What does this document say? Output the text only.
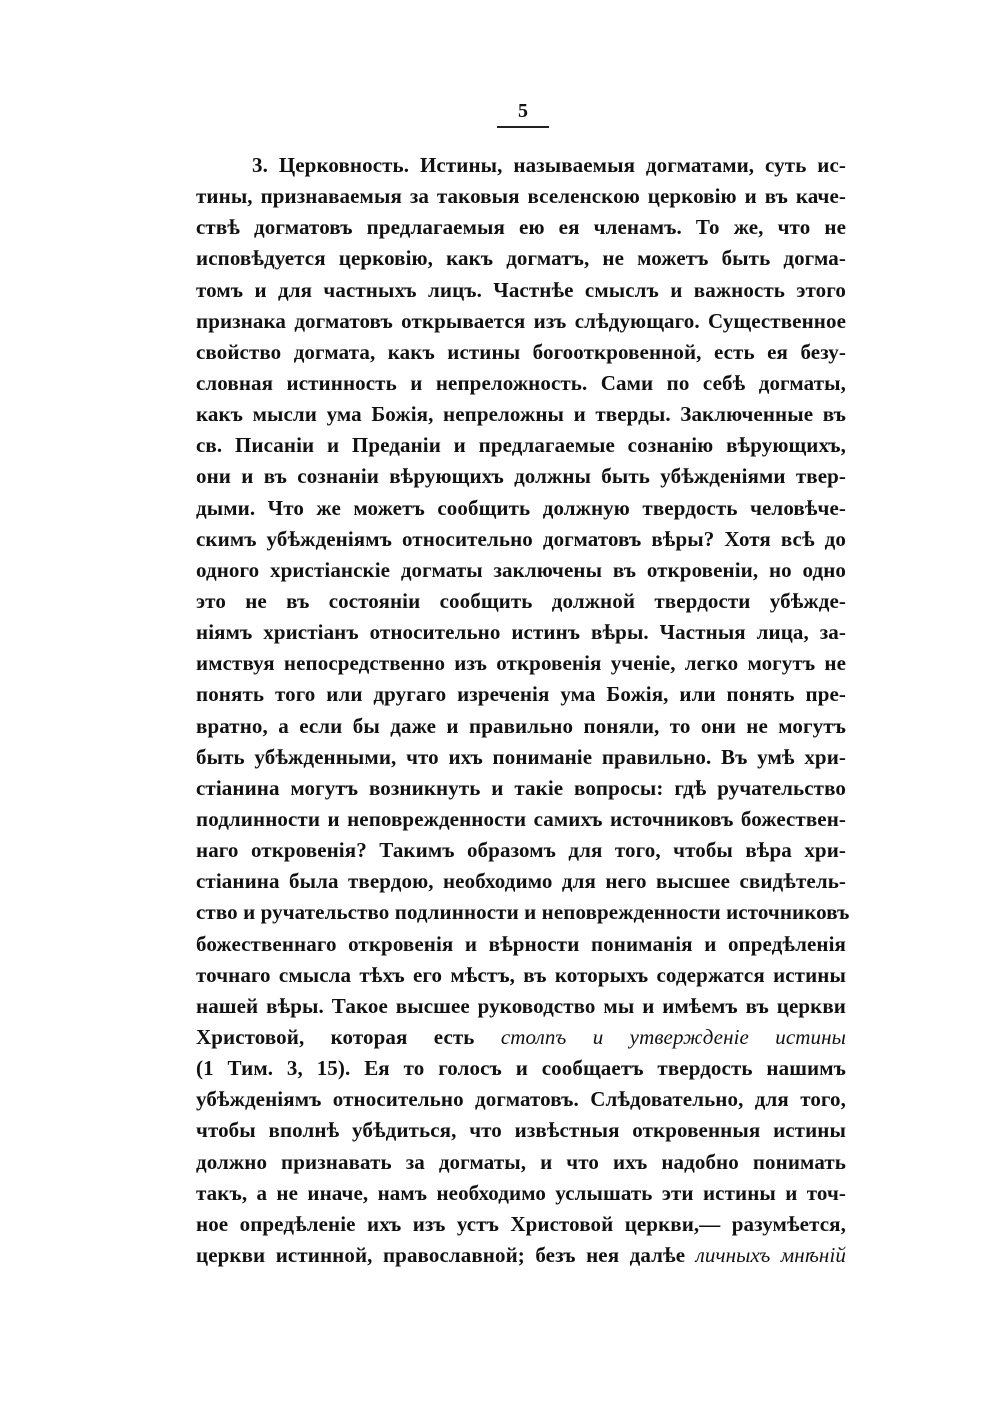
5
3. Церковность. Истины, называемыя догматами, суть ис-
тины, признаваемыя за таковыя вселенскою церковію и въ каче-
ствѣ догматовъ предлагаемыя ею ея членамъ. То же, что не
исповѣдуется церковію, какъ догматъ, не можетъ быть догма-
томъ и для частныхъ лицъ. Частнѣе смыслъ и важность этого
признака догматовъ открывается изъ слѣдующаго. Существенное
свойство догмата, какъ истины богооткровенной, есть ея безу-
словная истинность и непреложность. Сами по себѣ догматы,
какъ мысли ума Божія, непреложны и тверды. Заключенные въ
св. Писаніи и Преданіи и предлагаемые сознанію вѣрующихъ,
они и въ сознаніи вѣрующихъ должны быть убѣжденіями твер-
дыми. Что же можетъ сообщить должную твердость человѣче-
скимъ убѣжденіямъ относительно догматовъ вѣры? Хотя всѣ до
одного христіанскіе догматы заключены въ откровеніи, но одно
это не въ состояніи сообщить должной твердости убѣжде-
ніямъ христіанъ относительно истинъ вѣры. Частныя лица, за-
имствуя непосредственно изъ откровенія ученіе, легко могутъ не
понять того или другаго изреченія ума Божія, или понять пре-
вратно, а если бы даже и правильно поняли, то они не могутъ
быть убѣжденными, что ихъ пониманіе правильно. Въ умѣ хри-
стіанина могутъ возникнуть и такіе вопросы: гдѣ ручательство
подлинности и неповрежденности самихъ источниковъ божествен-
наго откровенія? Такимъ образомъ для того, чтобы вѣра хри-
стіанина была твердою, необходимо для него высшее свидѣтель-
ство и ручательство подлинности и неповрежденности источниковъ
божественнаго откровенія и вѣрности пониманія и опредѣленія
точнаго смысла тѣхъ его мѣстъ, въ которыхъ содержатся истины
нашей вѣры. Такое высшее руководство мы и имѣемъ въ церкви
Христовой, которая есть столпъ и утвержденіе истины
(1 Тим. 3, 15). Ея то голосъ и сообщаетъ твердость нашимъ
убѣжденіямъ относительно догматовъ. Слѣдовательно, для того,
чтобы вполнѣ убѣдиться, что извѣстныя откровенныя истины
должно признавать за догматы, и что ихъ надобно понимать
такъ, а не иначе, намъ необходимо услышать эти истины и точ-
ное опредѣленіе ихъ изъ устъ Христовой церкви,— разумѣется,
церкви истинной, православной; безъ нея далѣе личныхъ мнѣній
